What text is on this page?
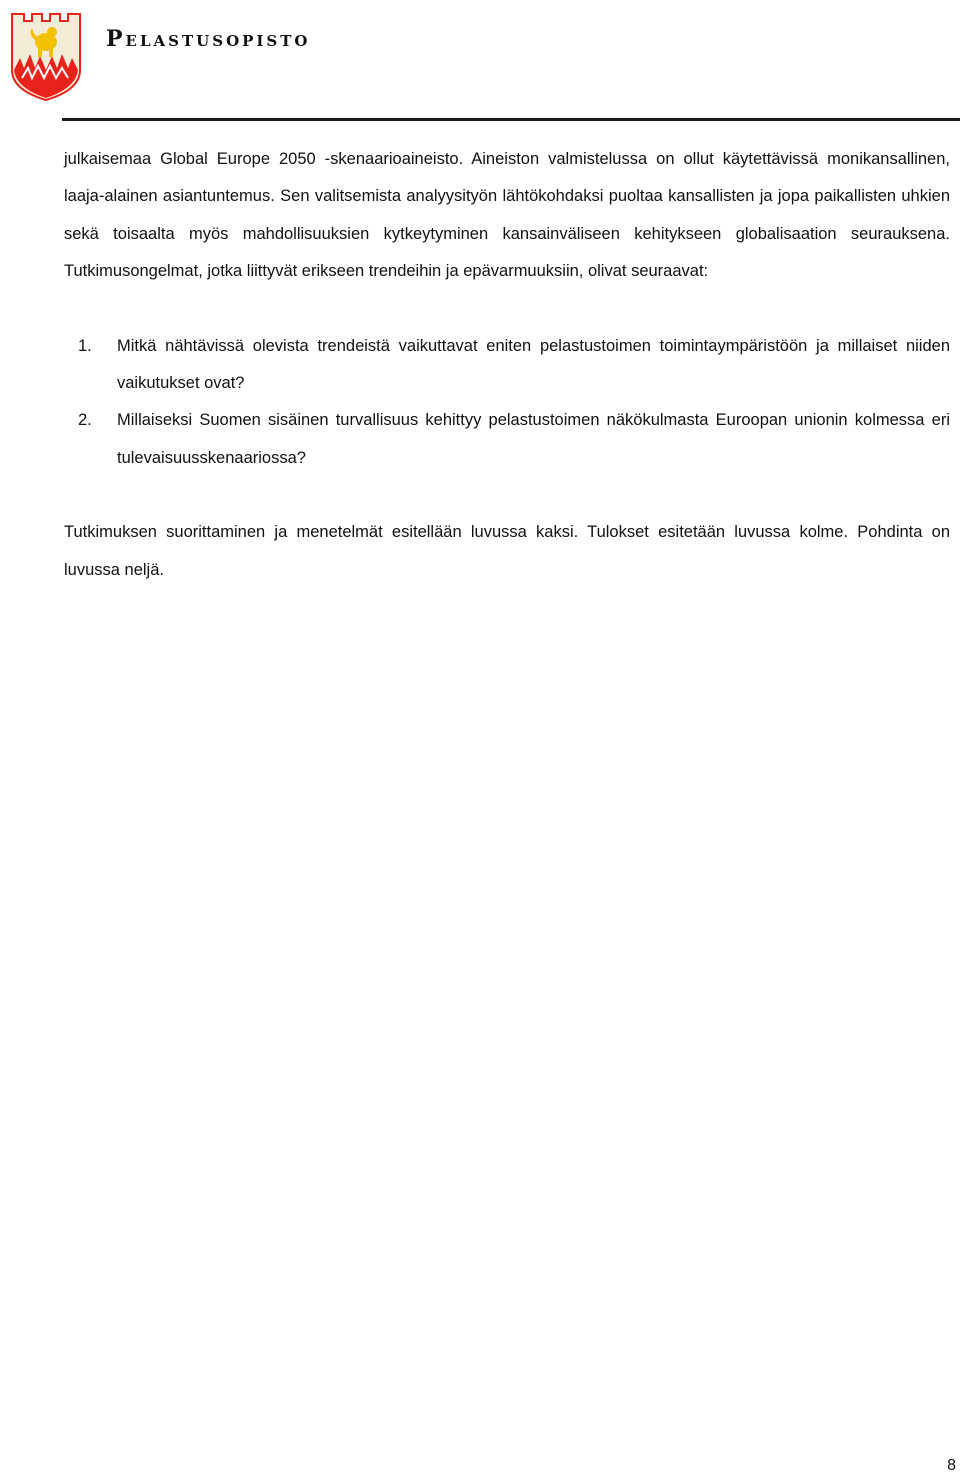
Pelastusopisto

julkaisemaa Global Europe 2050 -skenaarioaineisto. Aineiston valmistelussa on ollut käytettävissä monikansallinen, laaja-alainen asiantuntemus. Sen valitsemista analyysityön lähtökohdaksi puoltaa kansallisten ja jopa paikallisten uhkien sekä toisaalta myös mahdollisuuksien kytkeytyminen kansainväliseen kehitykseen globalisaation seurauksena. Tutkimusongelmat, jotka liittyvät erikseen trendeihin ja epävarmuuksiin, olivat seuraavat:

1.	Mitkä nähtävissä olevista trendeistä vaikuttavat eniten pelastustoimen toimintaympäristöön ja millaiset niiden vaikutukset ovat?
2.	Millaiseksi Suomen sisäinen turvallisuus kehittyy pelastustoimen näkökulmasta Euroopan unionin kolmessa eri tulevaisuusskenaariossa?

Tutkimuksen suorittaminen ja menetelmät esitellään luvussa kaksi. Tulokset esitetään luvussa kolme. Pohdinta on luvussa neljä.

8
